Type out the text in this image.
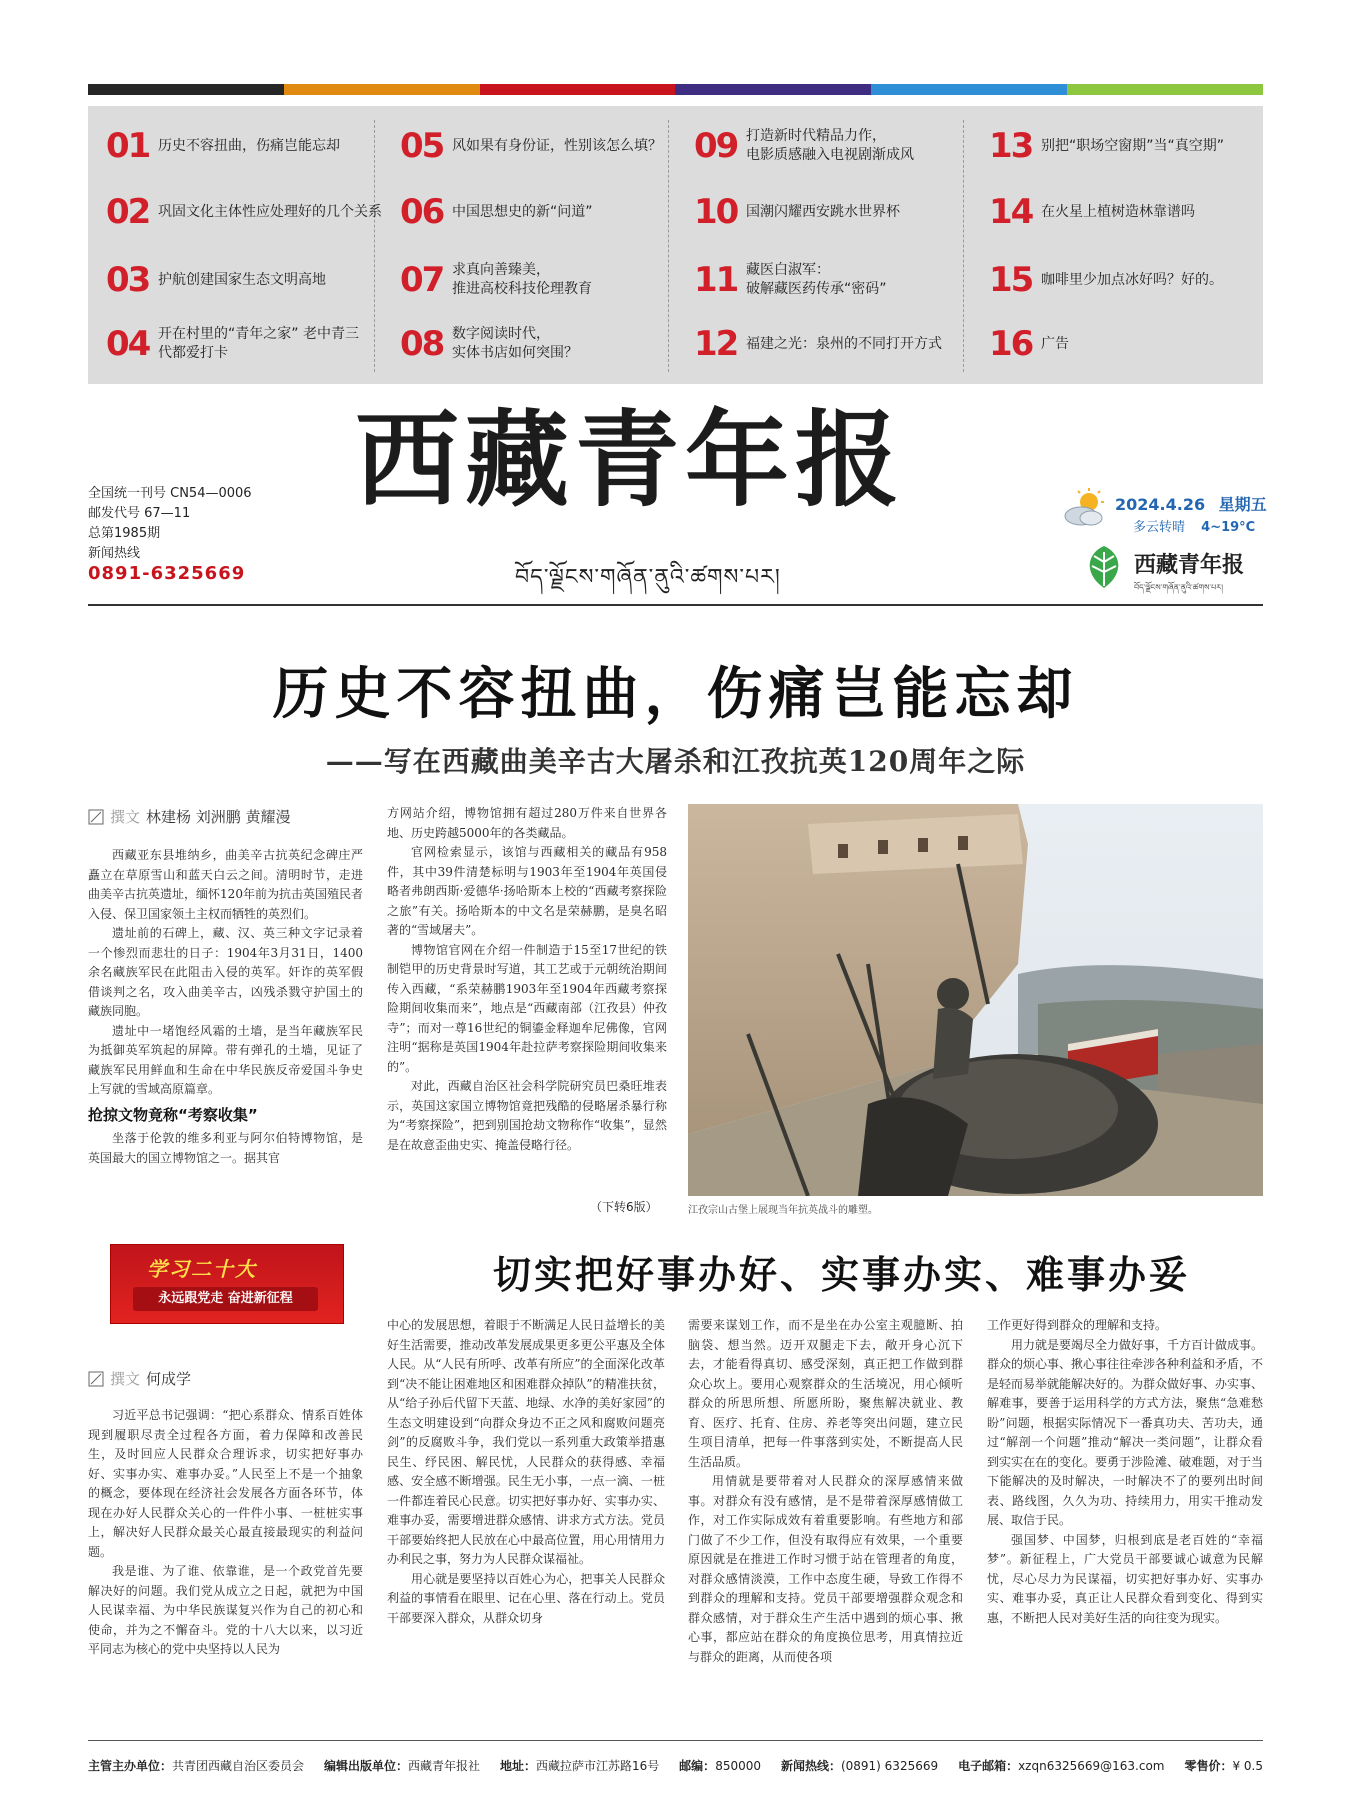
01 历史不容扭曲，伤痛岂能忘却
02 巩固文化主体性应处理好的几个关系
03 护航创建国家生态文明高地
04 开在村里的“青年之家” 老中青三
代都爱打卡
05 风如果有身份证，性别该怎么填？
06 中国思想史的新“问道”
07 求真向善臻美，
推进高校科技伦理教育
08 数字阅读时代，
实体书店如何突围？
09 打造新时代精品力作，
电影质感融入电视剧渐成风
10 国潮闪耀西安跳水世界杯
11 藏医白淑军：
破解藏医药传承“密码”
12 福建之光：泉州的不同打开方式
13 别把“职场空窗期”当“真空期”
14 在火星上植树造林靠谱吗
15 咖啡里少加点冰好吗？好的。
16 广告
全国统一刊号 CN54—0006
邮发代号 67—11
总第1985期
新闻热线
0891-6325669
西藏青年报
བོད་ལྗོངས་གཞོན་ནུའི་ཚགས་པར།
2024.4.26 星期五
多云转晴 4~19°C
西藏青年报
བོད་ལྗོངས་གཞོན་ནུའི་ཚགས་པར།
历史不容扭曲，伤痛岂能忘却
——写在西藏曲美辛古大屠杀和江孜抗英120周年之际
撰文 林建杨 刘洲鹏 黄耀漫

西藏亚东县堆纳乡，曲美辛古抗英纪念碑庄严矗立在草原雪山和蓝天白云之间。清明时节，走进曲美辛古抗英遗址，缅怀120年前为抗击英国殖民者入侵、保卫国家领土主权而牺牲的英烈们。

遗址前的石碑上，藏、汉、英三种文字记录着一个惨烈而悲壮的日子：1904年3月31日，1400余名藏族军民在此阻击入侵的英军。奸诈的英军假借谈判之名，攻入曲美辛古，凶残杀戮守护国土的藏族同胞。

遗址中一堵饱经风霜的土墙，是当年藏族军民为抵御英军筑起的屏障。带有弹孔的土墙，见证了藏族军民用鲜血和生命在中华民族反帝爱国斗争史上写就的雪域高原篇章。

抢掠文物竟称“考察收集”

坐落于伦敦的维多利亚与阿尔伯特博物馆，是英国最大的国立博物馆之一。据其官

方网站介绍，博物馆拥有超过280万件来自世界各地、历史跨越5000年的各类藏品。

官网检索显示，该馆与西藏相关的藏品有958件，其中39件清楚标明与1903年至1904年英国侵略者弗朗西斯·爱德华·扬哈斯本上校的“西藏考察探险之旅”有关。扬哈斯本的中文名是荣赫鹏，是臭名昭著的“雪域屠夫”。

博物馆官网在介绍一件制造于15至17世纪的铁制铠甲的历史背景时写道，其工艺或于元朝统治期间传入西藏，“系荣赫鹏1903年至1904年西藏考察探险期间收集而来”，地点是“西藏南部（江孜县）仲孜寺”；而对一尊16世纪的铜鎏金释迦牟尼佛像，官网注明“据称是英国1904年赴拉萨考察探险期间收集来的”。

对此，西藏自治区社会科学院研究员巴桑旺堆表示，英国这家国立博物馆竟把残酷的侵略屠杀暴行称为“考察探险”，把到别国抢劫文物称作“收集”，显然是在故意歪曲史实、掩盖侵略行径。

（下转6版）	江孜宗山古堡上展现当年抗英战斗的雕塑。
学习二十大
永远跟党走 奋进新征程
切实把好事办好、实事办实、难事办妥
撰文 何成学

习近平总书记强调：“把心系群众、情系百姓体现到履职尽责全过程各方面，着力保障和改善民生，及时回应人民群众合理诉求，切实把好事办好、实事办实、难事办妥。”人民至上不是一个抽象的概念，要体现在经济社会发展各方面各环节，体现在办好人民群众关心的一件件小事、一桩桩实事上，解决好人民群众最关心最直接最现实的利益问题。

我是谁、为了谁、依靠谁，是一个政党首先要解决好的问题。我们党从成立之日起，就把为中国人民谋幸福、为中华民族谋复兴作为自己的初心和使命，并为之不懈奋斗。党的十八大以来，以习近平同志为核心的党中央坚持以人民为

中心的发展思想，着眼于不断满足人民日益增长的美好生活需要，推动改革发展成果更多更公平惠及全体人民。从“人民有所呼、改革有所应”的全面深化改革到“决不能让困难地区和困难群众掉队”的精准扶贫，从“给子孙后代留下天蓝、地绿、水净的美好家园”的生态文明建设到“向群众身边不正之风和腐败问题亮剑”的反腐败斗争，我们党以一系列重大政策举措惠民生、纾民困、解民忧，人民群众的获得感、幸福感、安全感不断增强。民生无小事，一点一滴、一桩一件都连着民心民意。切实把好事办好、实事办实、难事办妥，需要增进群众感情、讲求方式方法。党员干部要始终把人民放在心中最高位置，用心用情用力办利民之事，努力为人民群众谋福祉。

用心就是要坚持以百姓心为心，把事关人民群众利益的事情看在眼里、记在心里、落在行动上。党员干部要深入群众，从群众切身

需要来谋划工作，而不是坐在办公室主观臆断、拍脑袋、想当然。迈开双腿走下去，敞开身心沉下去，才能看得真切、感受深刻，真正把工作做到群众心坎上。要用心观察群众的生活境况，用心倾听群众的所思所想、所愿所盼，聚焦解决就业、教育、医疗、托育、住房、养老等突出问题，建立民生项目清单，把每一件事落到实处，不断提高人民生活品质。

用情就是要带着对人民群众的深厚感情来做事。对群众有没有感情，是不是带着深厚感情做工作，对工作实际成效有着重要影响。有些地方和部门做了不少工作，但没有取得应有效果，一个重要原因就是在推进工作时习惯于站在管理者的角度，对群众感情淡漠，工作中态度生硬，导致工作得不到群众的理解和支持。党员干部要增强群众观念和群众感情，对于群众生产生活中遇到的烦心事、揪心事，都应站在群众的角度换位思考，用真情拉近与群众的距离，从而使各项

工作更好得到群众的理解和支持。

用力就是要竭尽全力做好事，千方百计做成事。群众的烦心事、揪心事往往牵涉各种利益和矛盾，不是轻而易举就能解决好的。为群众做好事、办实事、解难事，要善于运用科学的方式方法，聚焦“急难愁盼”问题，根据实际情况下一番真功夫、苦功夫，通过“解剖一个问题”推动“解决一类问题”，让群众看到实实在在的变化。要勇于涉险滩、破难题，对于当下能解决的及时解决，一时解决不了的要列出时间表、路线图，久久为功、持续用力，用实干推动发展、取信于民。

强国梦、中国梦，归根到底是老百姓的“幸福梦”。新征程上，广大党员干部要诚心诚意为民解忧，尽心尽力为民谋福，切实把好事办好、实事办实、难事办妥，真正让人民群众看到变化、得到实惠，不断把人民对美好生活的向往变为现实。

主管主办单位：共青团西藏自治区委员会 编辑出版单位：西藏青年报社 地址：西藏拉萨市江苏路16号 邮编：850000 新闻热线：(0891) 6325669 电子邮箱：xzqn6325669@163.com 零售价：¥ 0.5
